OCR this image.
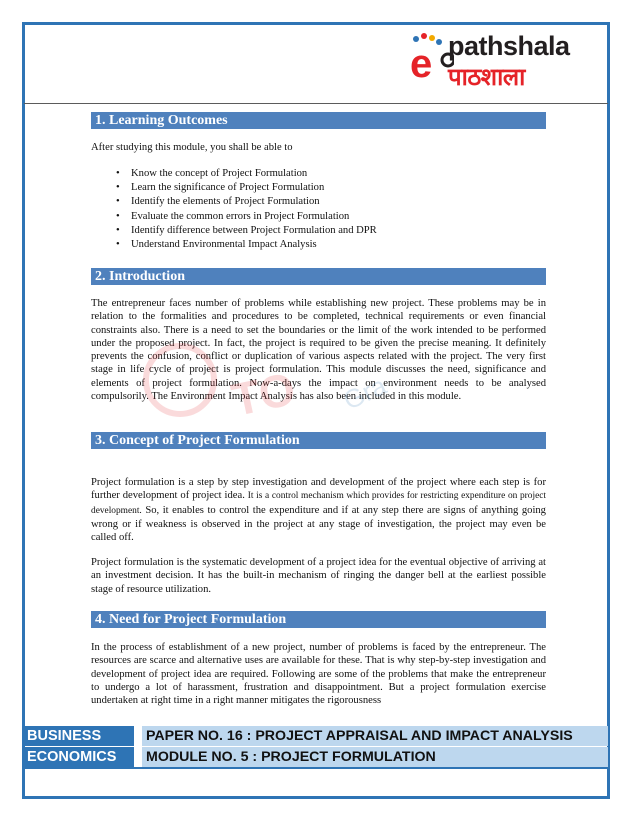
e pathshala
पाठशाला
1. Learning Outcomes

After studying this module, you shall be able to

• Know the concept of Project Formulation
• Learn the significance of Project Formulation
• Identify the elements of Project Formulation
• Evaluate the common errors in Project Formulation
• Identify difference between Project Formulation and DPR
• Understand Environmental Impact Analysis
2. Introduction

The entrepreneur faces number of problems while establishing new project. These problems may be in relation to the formalities and procedures to be completed, technical requirements or even financial constraints also. There is a need to set the boundaries or the limit of the work intended to be performed under the proposed project. In fact, the project is required to be given the precise meaning. It definitely prevents the confusion, conflict or duplication of various aspects related with the project. The very first stage in life cycle of project is project formulation. This module discusses the need, significance and elements of project formulation. Now-a-days the impact on environment needs to be analysed compulsorily. The Environment Impact Analysis has also been included in this module.

TO Gra
3. Concept of Project Formulation

Project formulation is a step by step investigation and development of the project where each step is for further development of project idea. It is a control mechanism which provides for restricting expenditure on project development. So, it enables to control the expenditure and if at any step there are signs of anything going wrong or if weakness is observed in the project at any stage of investigation, the project may even be called off.

Project formulation is the systematic development of a project idea for the eventual objective of arriving at an investment decision. It has the built-in mechanism of ringing the danger bell at the earliest possible stage of resource utilization.

4. Need for Project Formulation

In the process of establishment of a new project, number of problems is faced by the entrepreneur. The resources are scarce and alternative uses are available for these. That is why step-by-step investigation and development of project idea are required. Following are some of the problems that make the entrepreneur to undergo a lot of harassment, frustration and disappointment. But a project formulation exercise undertaken at right time in a right manner mitigates the rigorousness

BUSINESS
ECONOMICS
PAPER NO. 16 : PROJECT APPRAISAL AND IMPACT ANALYSIS
MODULE NO. 5 : PROJECT FORMULATION
